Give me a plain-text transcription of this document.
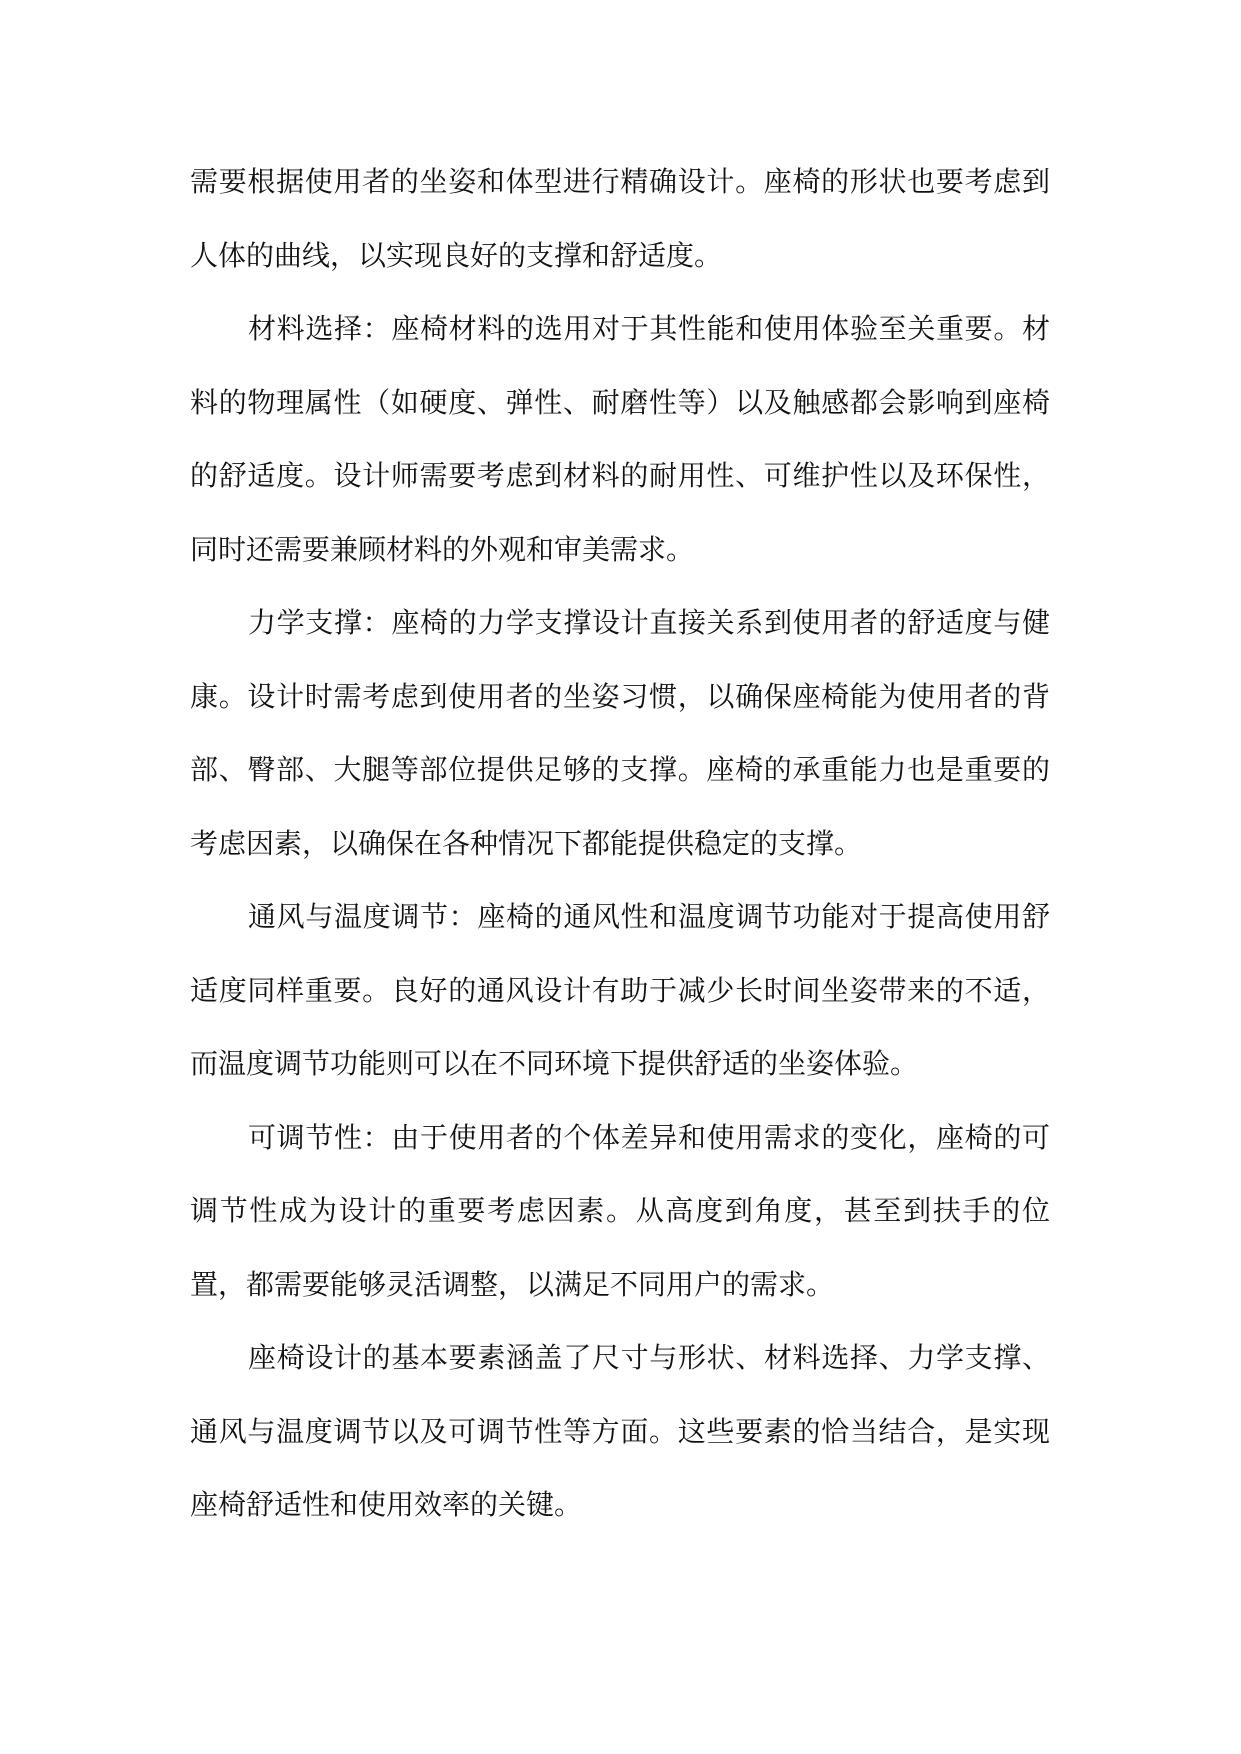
需要根据使用者的坐姿和体型进行精确设计。座椅的形状也要考虑到人体的曲线，以实现良好的支撑和舒适度。

材料选择：座椅材料的选用对于其性能和使用体验至关重要。材料的物理属性（如硬度、弹性、耐磨性等）以及触感都会影响到座椅的舒适度。设计师需要考虑到材料的耐用性、可维护性以及环保性，同时还需要兼顾材料的外观和审美需求。

力学支撑：座椅的力学支撑设计直接关系到使用者的舒适度与健康。设计时需考虑到使用者的坐姿习惯，以确保座椅能为使用者的背部、臀部、大腿等部位提供足够的支撑。座椅的承重能力也是重要的考虑因素，以确保在各种情况下都能提供稳定的支撑。

通风与温度调节：座椅的通风性和温度调节功能对于提高使用舒适度同样重要。良好的通风设计有助于减少长时间坐姿带来的不适，而温度调节功能则可以在不同环境下提供舒适的坐姿体验。

可调节性：由于使用者的个体差异和使用需求的变化，座椅的可调节性成为设计的重要考虑因素。从高度到角度，甚至到扶手的位置，都需要能够灵活调整，以满足不同用户的需求。

座椅设计的基本要素涵盖了尺寸与形状、材料选择、力学支撑、通风与温度调节以及可调节性等方面。这些要素的恰当结合，是实现座椅舒适性和使用效率的关键。
